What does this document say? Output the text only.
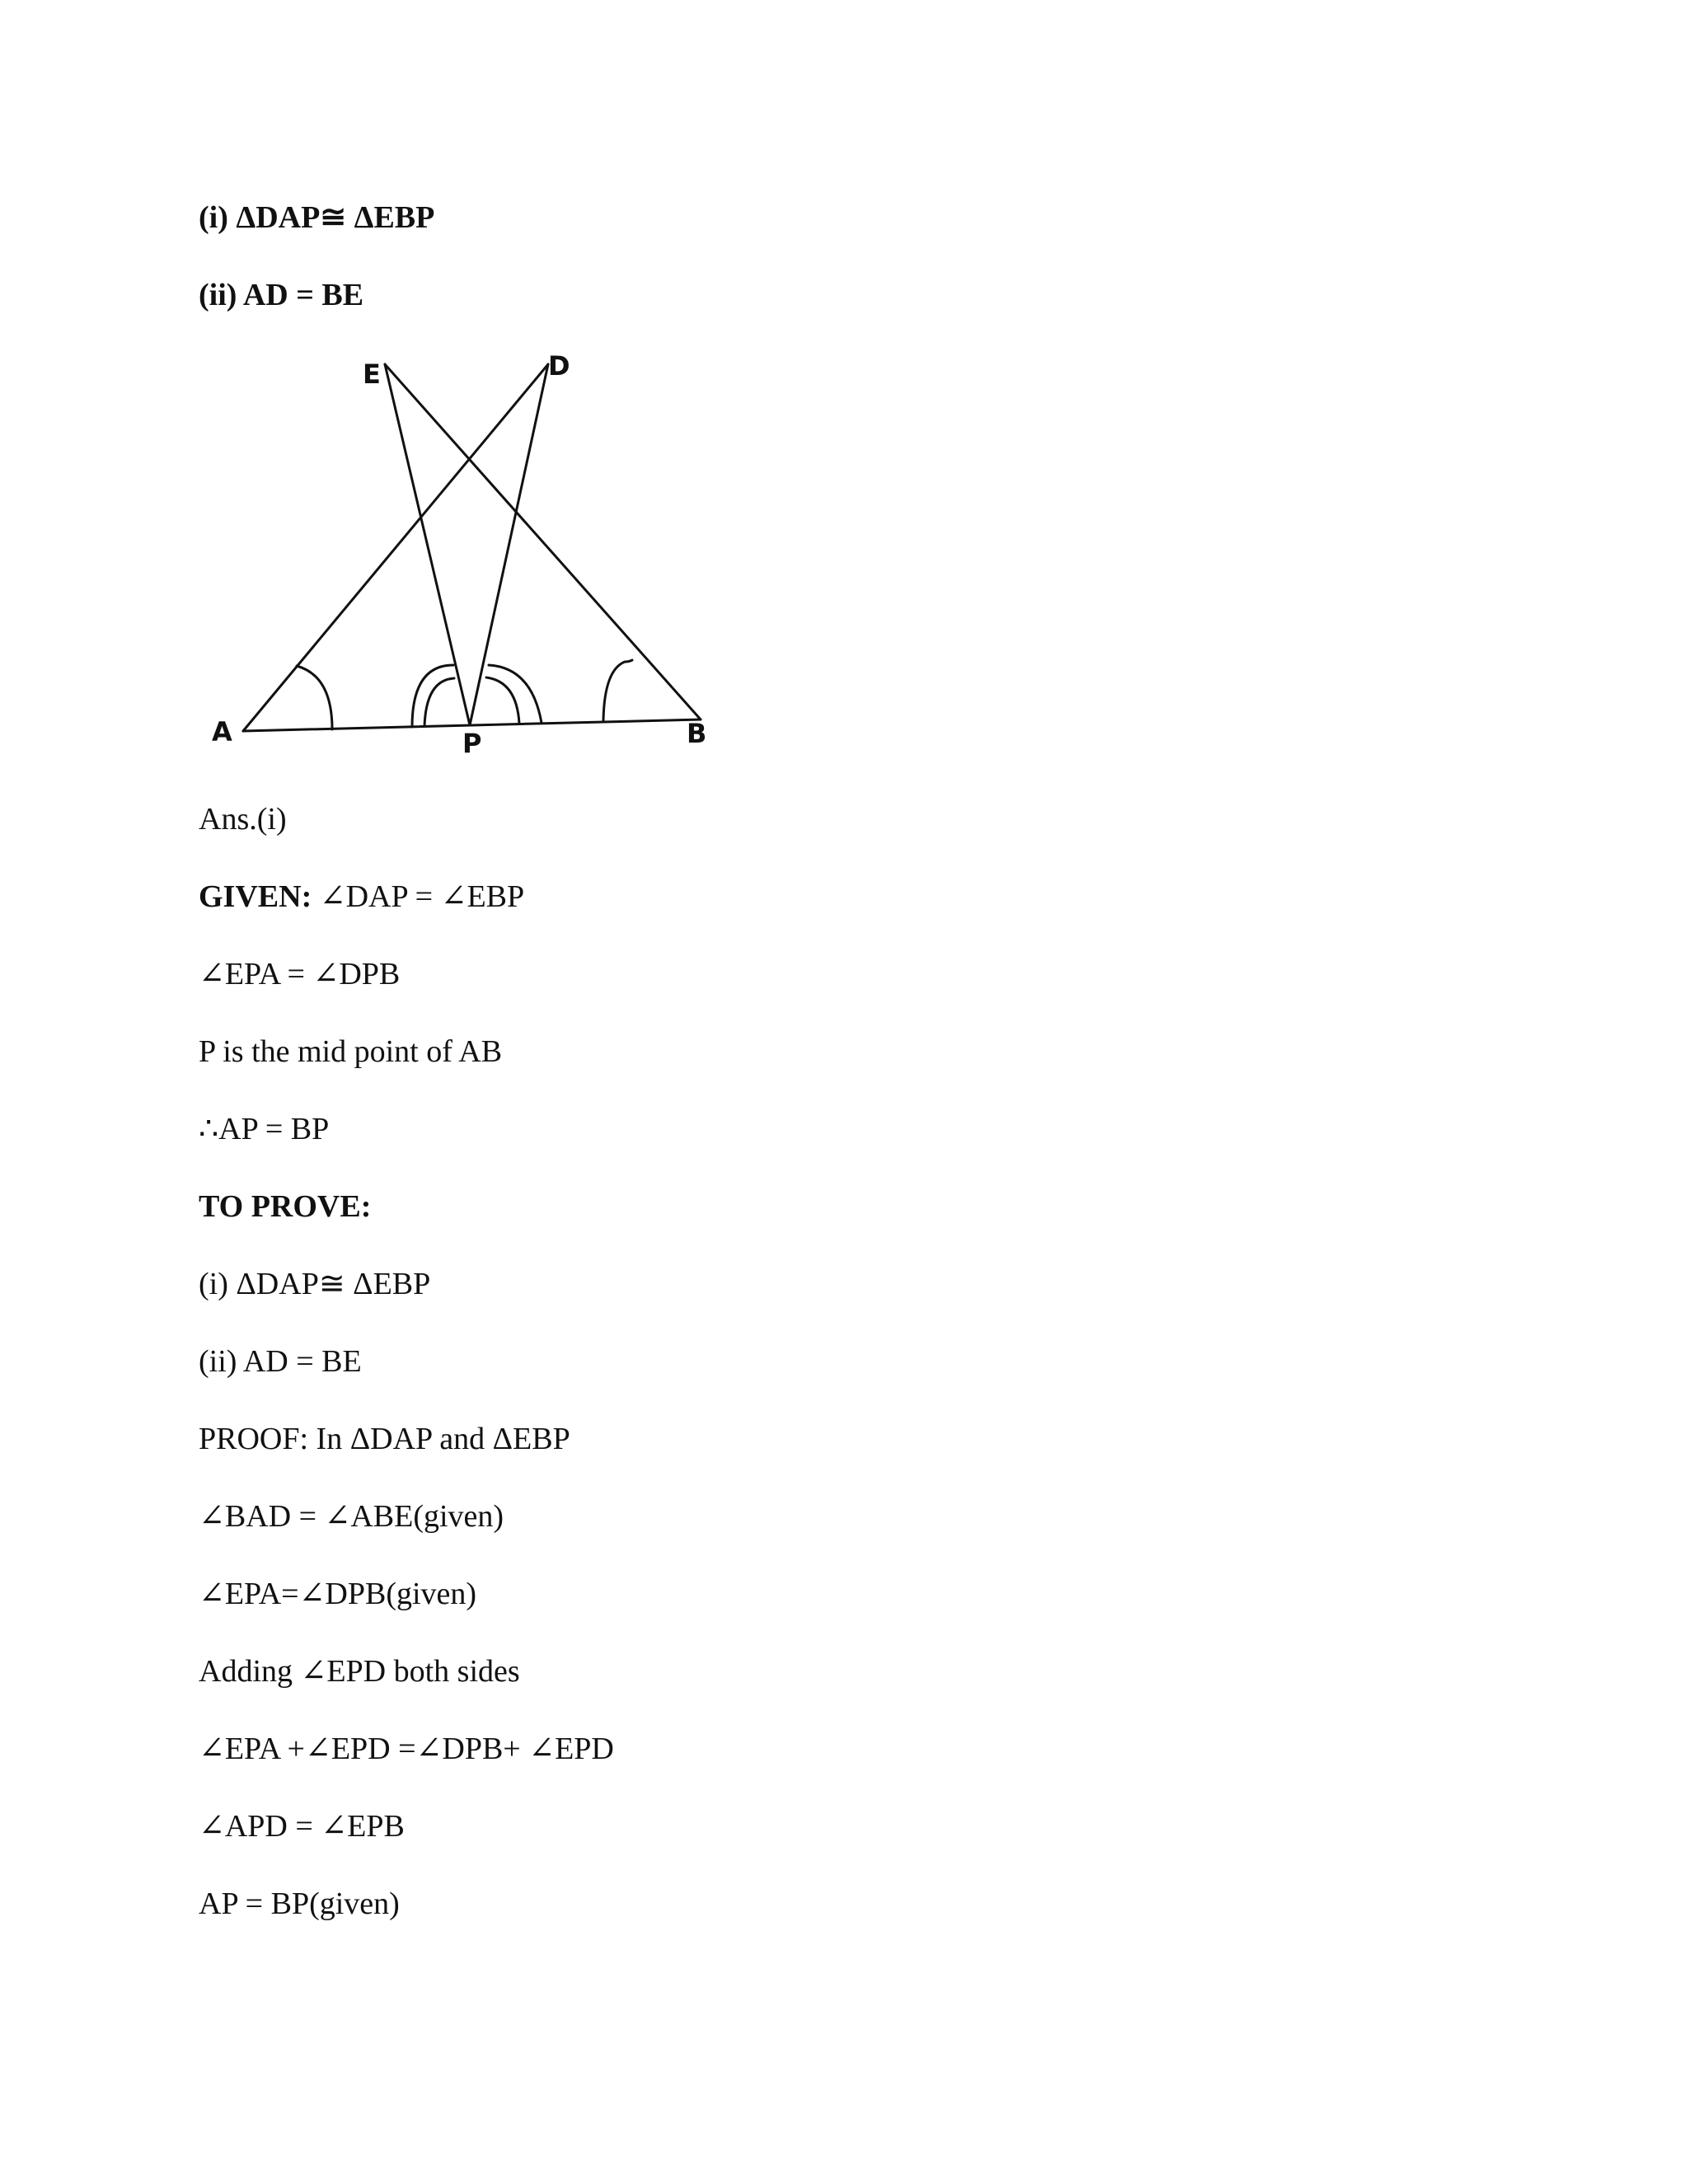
(i) ΔDAP≅ ΔEBP
(ii) AD = BE
A	B
P
E	D
Ans.(i)
GIVEN: ∠DAP = ∠EBP
∠EPA = ∠DPB
P is the mid point of AB
∴AP = BP
TO PROVE:
(i) ΔDAP≅ ΔEBP
(ii) AD = BE
PROOF: In ΔDAP and ΔEBP
∠BAD = ∠ABE(given)
∠EPA=∠DPB(given)
Adding ∠EPD both sides
∠EPA +∠EPD =∠DPB+ ∠EPD
∠APD = ∠EPB
AP = BP(given)
